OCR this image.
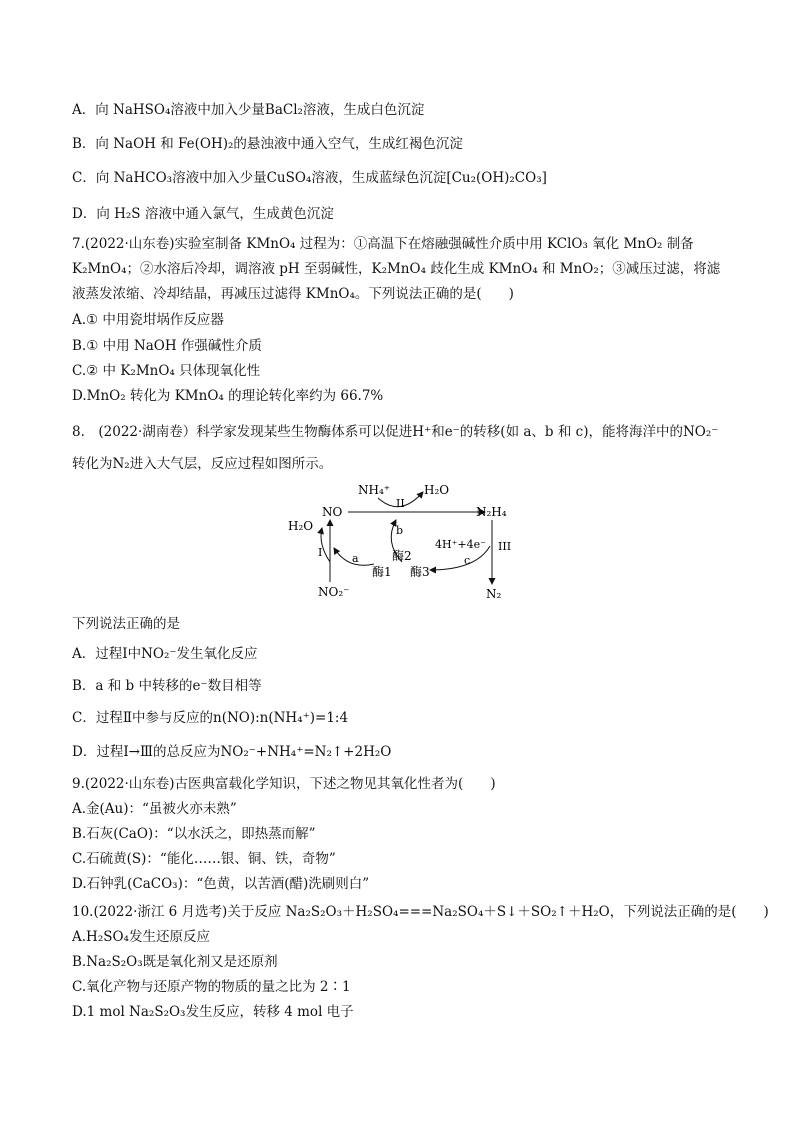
A．向 NaHSO₄溶液中加入少量BaCl₂溶液，生成白色沉淀
B．向 NaOH 和 Fe(OH)₂的悬浊液中通入空气，生成红褐色沉淀
C．向 NaHCO₃溶液中加入少量CuSO₄溶液，生成蓝绿色沉淀[Cu₂(OH)₂CO₃]
D．向 H₂S 溶液中通入氯气，生成黄色沉淀
7.(2022·山东卷)实验室制备 KMnO₄ 过程为：①高温下在熔融强碱性介质中用 KClO₃ 氧化 MnO₂ 制备 K₂MnO₄；②水溶后冷却，调溶液 pH 至弱碱性，K₂MnO₄ 歧化生成 KMnO₄ 和 MnO₂；③减压过滤，将滤液蒸发浓缩、冷却结晶，再减压过滤得 KMnO₄。下列说法正确的是(　　)
A.① 中用瓷坩埚作反应器
B.① 中用 NaOH 作强碱性介质
C.② 中 K₂MnO₄ 只体现氧化性
D.MnO₂ 转化为 KMnO₄ 的理论转化率约为 66.7%
8.　(2022·湖南卷）科学家发现某些生物酶体系可以促进H⁺和e⁻的转移(如 a、b 和 c)，能将海洋中的NO₂⁻转化为N₂进入大气层，反应过程如图所示。
NH₄⁺	H₂O
II
NO	N₂H₄
H₂O	b
4H⁺+4e⁻ III
I	a	酶2	c
酶1 酶3
NO₂⁻	N₂
下列说法正确的是
A．过程Ⅰ中NO₂⁻发生氧化反应
B．a 和 b 中转移的e⁻数目相等
C．过程Ⅱ中参与反应的n(NO):n(NH₄⁺)=1:4
D．过程Ⅰ→Ⅲ的总反应为NO₂⁻+NH₄⁺=N₂↑+2H₂O
9.(2022·山东卷)古医典富载化学知识，下述之物见其氧化性者为(　　)
A.金(Au)：“虽被火亦未熟”
B.石灰(CaO)：“以水沃之，即热蒸而解”
C.石硫黄(S)：“能化……银、铜、铁，奇物”
D.石钟乳(CaCO₃)：“色黄，以苦酒(醋)洗刷则白”
10.(2022·浙江 6 月选考)关于反应 Na₂S₂O₃＋H₂SO₄===Na₂SO₄＋S↓＋SO₂↑＋H₂O，下列说法正确的是(　　)
A.H₂SO₄发生还原反应
B.Na₂S₂O₃既是氧化剂又是还原剂
C.氧化产物与还原产物的物质的量之比为 2∶1
D.1 mol Na₂S₂O₃发生反应，转移 4 mol 电子
